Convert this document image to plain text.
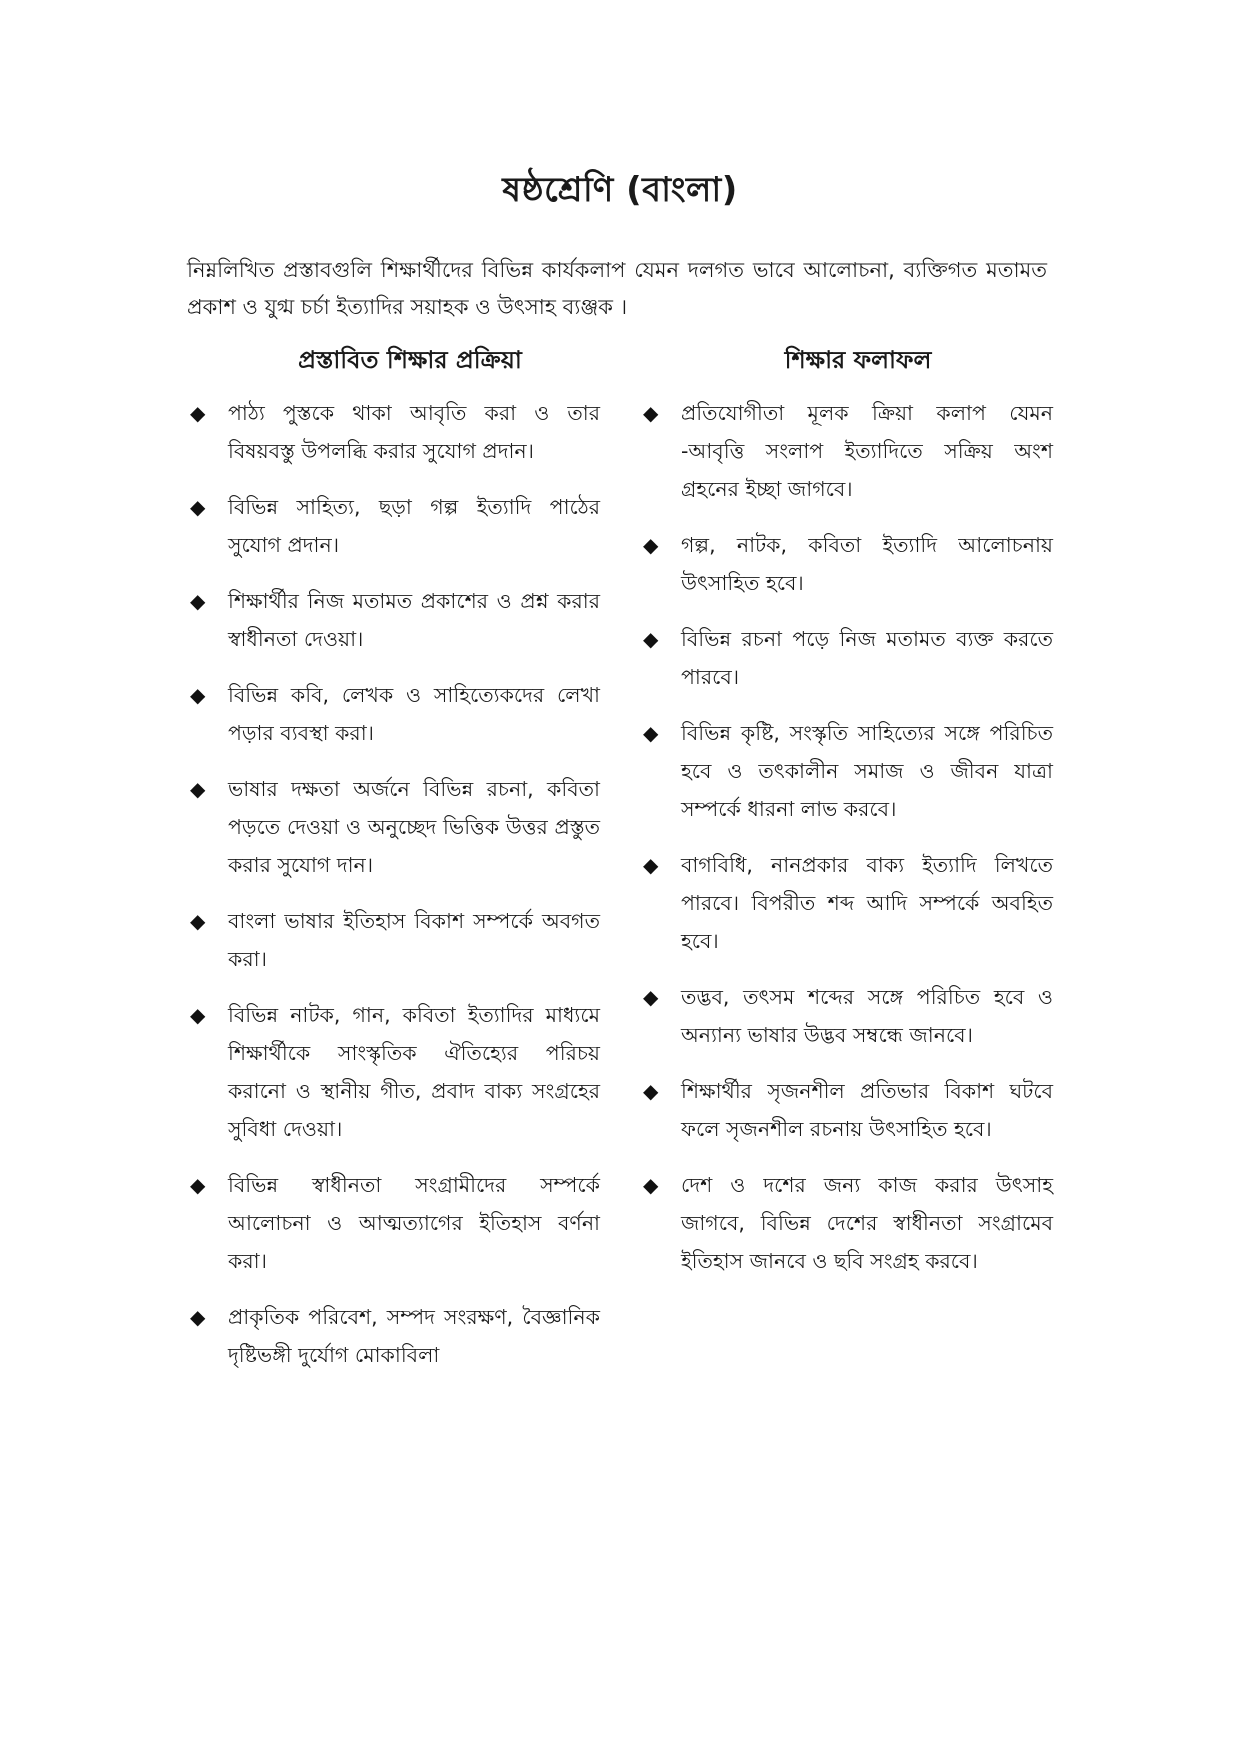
ষষ্ঠশ্রেণি (বাংলা)
নিম্নলিখিত প্রস্তাবগুলি শিক্ষার্থীদের বিভিন্ন কার্যকলাপ যেমন দলগত ভাবে আলোচনা, ব্যক্তিগত মতামত প্রকাশ ও যুগ্ম চর্চা ইত্যাদির সয়াহক ও উৎসাহ ব্যঞ্জক ।
প্রস্তাবিত শিক্ষার প্রক্রিয়া
◆ পাঠ্য পুস্তকে থাকা আবৃতি করা ও তার বিষয়বস্তু উপলব্ধি করার সুযোগ প্রদান।
◆ বিভিন্ন সাহিত্য, ছড়া গল্প ইত্যাদি পাঠের সুযোগ প্রদান।
◆ শিক্ষার্থীর নিজ মতামত প্রকাশের ও প্রশ্ন করার স্বাধীনতা দেওয়া।
◆ বিভিন্ন কবি, লেখক ও সাহিত্যেকদের লেখা পড়ার ব্যবস্থা করা।
◆ ভাষার দক্ষতা অর্জনে বিভিন্ন রচনা, কবিতা পড়তে দেওয়া ও অনুচ্ছেদ ভিত্তিক উত্তর প্রস্তুত করার সুযোগ দান।
◆ বাংলা ভাষার ইতিহাস বিকাশ সম্পর্কে অবগত করা।
◆ বিভিন্ন নাটক, গান, কবিতা ইত্যাদির মাধ্যমে শিক্ষার্থীকে সাংস্কৃতিক ঐতিহ্যের পরিচয় করানো ও স্থানীয় গীত, প্রবাদ বাক্য সংগ্রহের সুবিধা দেওয়া।
◆ বিভিন্ন স্বাধীনতা সংগ্রামীদের সম্পর্কে আলোচনা ও আত্মত্যাগের ইতিহাস বর্ণনা করা।
◆ প্রাকৃতিক পরিবেশ, সম্পদ সংরক্ষণ, বৈজ্ঞানিক দৃষ্টিভঙ্গী দুর্যোগ মোকাবিলা
শিক্ষার ফলাফল
◆ প্রতিযোগীতা মূলক ক্রিয়া কলাপ যেমন -আবৃত্তি সংলাপ ইত্যাদিতে সক্রিয় অংশ গ্রহনের ইচ্ছা জাগবে।
◆ গল্প, নাটক, কবিতা ইত্যাদি আলোচনায় উৎসাহিত হবে।
◆ বিভিন্ন রচনা পড়ে নিজ মতামত ব্যক্ত করতে পারবে।
◆ বিভিন্ন কৃষ্টি, সংস্কৃতি সাহিত্যের সঙ্গে পরিচিত হবে ও তৎকালীন সমাজ ও জীবন যাত্রা সম্পর্কে ধারনা লাভ করবে।
◆ বাগবিধি, নানপ্রকার বাক্য ইত্যাদি লিখতে পারবে। বিপরীত শব্দ আদি সম্পর্কে অবহিত হবে।
◆ তদ্ভব, তৎসম শব্দের সঙ্গে পরিচিত হবে ও অন্যান্য ভাষার উদ্ভব সম্বন্ধে জানবে।
◆ শিক্ষার্থীর সৃজনশীল প্রতিভার বিকাশ ঘটবে ফলে সৃজনশীল রচনায় উৎসাহিত হবে।
◆ দেশ ও দশের জন্য কাজ করার উৎসাহ জাগবে, বিভিন্ন দেশের স্বাধীনতা সংগ্রামেব ইতিহাস জানবে ও ছবি সংগ্রহ করবে।
